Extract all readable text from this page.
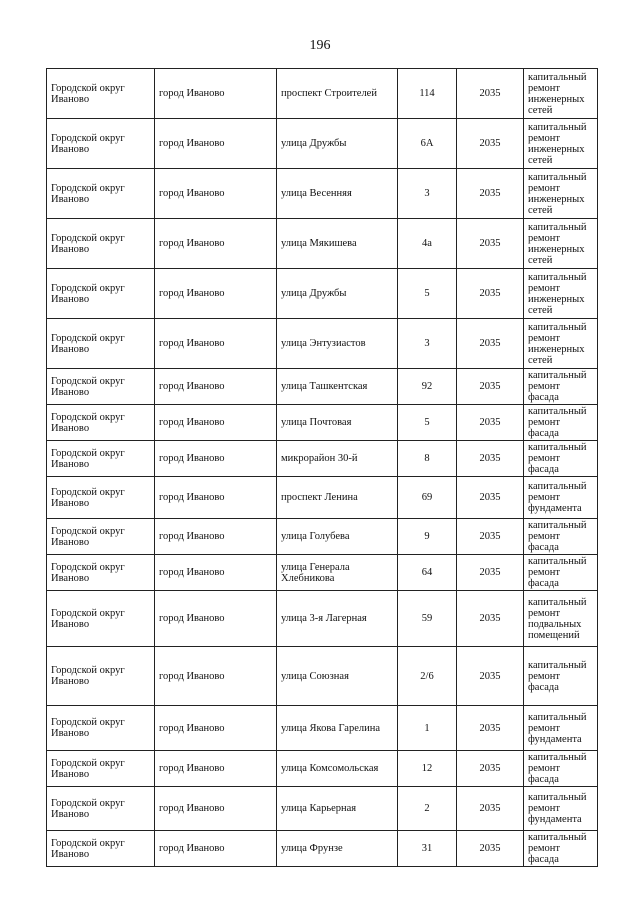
196
Городской округ Иваново	город Иваново	проспект Строителей	114	2035	капитальный ремонт инженерных сетей
Городской округ Иваново	город Иваново	улица Дружбы	6А	2035	капитальный ремонт инженерных сетей
Городской округ Иваново	город Иваново	улица Весенняя	3	2035	капитальный ремонт инженерных сетей
Городской округ Иваново	город Иваново	улица Мякишева	4а	2035	капитальный ремонт инженерных сетей
Городской округ Иваново	город Иваново	улица Дружбы	5	2035	капитальный ремонт инженерных сетей
Городской округ Иваново	город Иваново	улица Энтузиастов	3	2035	капитальный ремонт инженерных сетей
Городской округ Иваново	город Иваново	улица Ташкентская	92	2035	капитальный ремонт фасада
Городской округ Иваново	город Иваново	улица Почтовая	5	2035	капитальный ремонт фасада
Городской округ Иваново	город Иваново	микрорайон 30-й	8	2035	капитальный ремонт фасада
Городской округ Иваново	город Иваново	проспект Ленина	69	2035	капитальный ремонт фундамента
Городской округ Иваново	город Иваново	улица Голубева	9	2035	капитальный ремонт фасада
Городской округ Иваново	город Иваново	улица Генерала Хлебникова	64	2035	капитальный ремонт фасада
Городской округ Иваново	город Иваново	улица 3-я Лагерная	59	2035	капитальный ремонт подвальных помещений
Городской округ Иваново	город Иваново	улица Союзная	2/6	2035	капитальный ремонт фасада
Городской округ Иваново	город Иваново	улица Якова Гарелина	1	2035	капитальный ремонт фундамента
Городской округ Иваново	город Иваново	улица Комсомольская	12	2035	капитальный ремонт фасада
Городской округ Иваново	город Иваново	улица Карьерная	2	2035	капитальный ремонт фундамента
Городской округ Иваново	город Иваново	улица Фрунзе	31	2035	капитальный ремонт фасада
